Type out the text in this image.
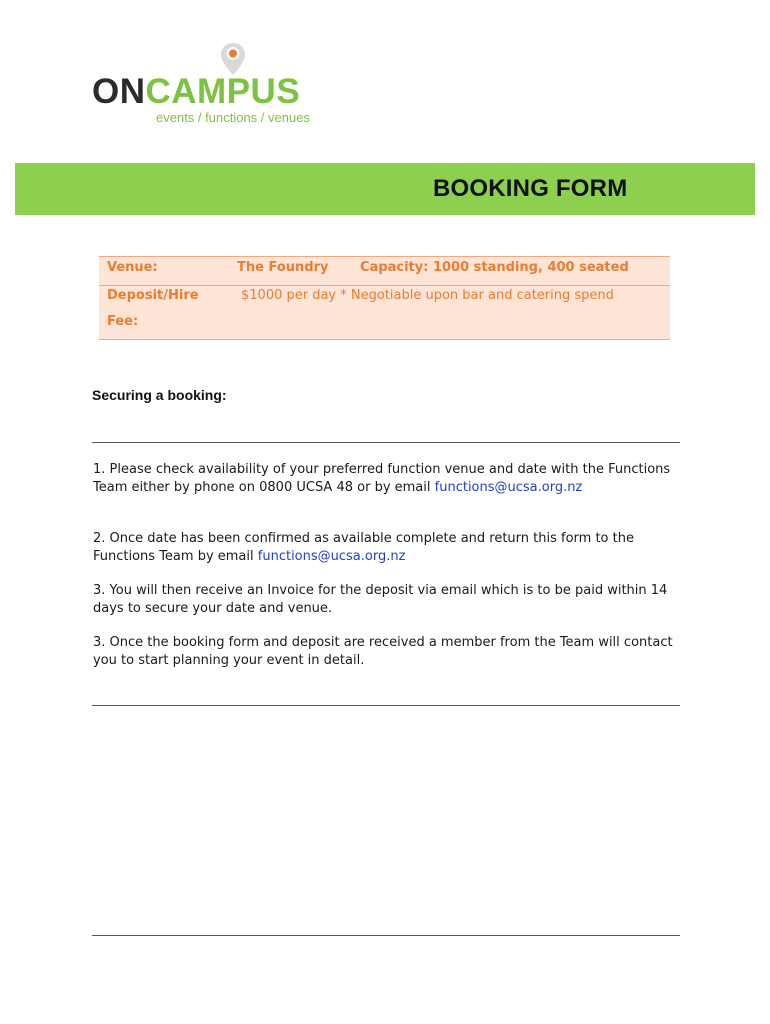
ONCAMPUS
events / functions / venues
BOOKING FORM
Venue:	The Foundry Capacity: 1000 standing, 400 seated
Deposit/Hire
Fee:
$1000 per day * Negotiable upon bar and catering spend
Securing a booking:
1. Please check availability of your preferred function venue and date with the Functions Team either by phone on 0800 UCSA 48 or by email functions@ucsa.org.nz
2. Once date has been confirmed as available complete and return this form to the Functions Team by email functions@ucsa.org.nz
3. You will then receive an Invoice for the deposit via email which is to be paid within 14 days to secure your date and venue.
3. Once the booking form and deposit are received a member from the Team will contact you to start planning your event in detail.
